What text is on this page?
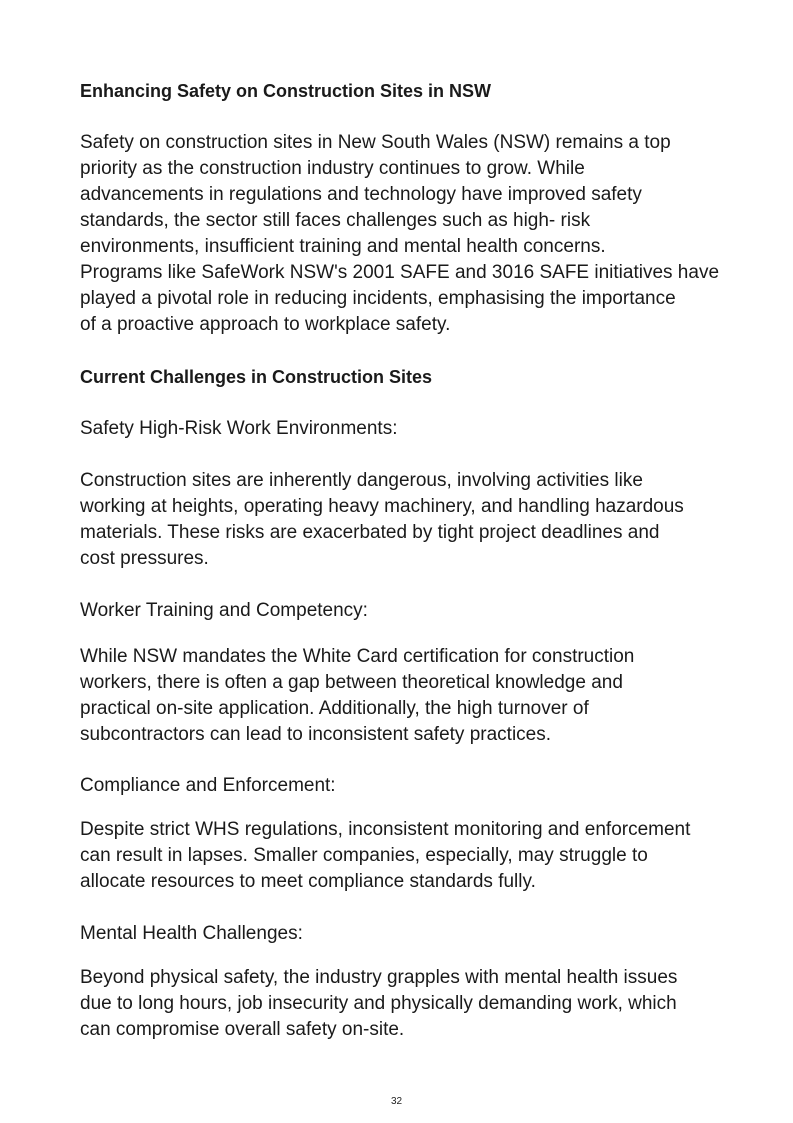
Enhancing Safety on Construction Sites in NSW
Safety on construction sites in New South Wales (NSW) remains a top
priority as the construction industry continues to grow. While
advancements in regulations and technology have improved safety
standards, the sector still faces challenges such as high- risk
environments, insufficient training and mental health concerns.
Programs like SafeWork NSW's 2001 SAFE and 3016 SAFE initiatives have
played a pivotal role in reducing incidents, emphasising the importance
of a proactive approach to workplace safety.
Current Challenges in Construction Sites
Safety High-Risk Work Environments:
Construction sites are inherently dangerous, involving activities like
working at heights, operating heavy machinery, and handling hazardous
materials. These risks are exacerbated by tight project deadlines and
cost pressures.
Worker Training and Competency:
While NSW mandates the White Card certification for construction
workers, there is often a gap between theoretical knowledge and
practical on-site application. Additionally, the high turnover of
subcontractors can lead to inconsistent safety practices.
Compliance and Enforcement:
Despite strict WHS regulations, inconsistent monitoring and enforcement
can result in lapses. Smaller companies, especially, may struggle to
allocate resources to meet compliance standards fully.
Mental Health Challenges:
Beyond physical safety, the industry grapples with mental health issues
due to long hours, job insecurity and physically demanding work, which
can compromise overall safety on-site.
32
